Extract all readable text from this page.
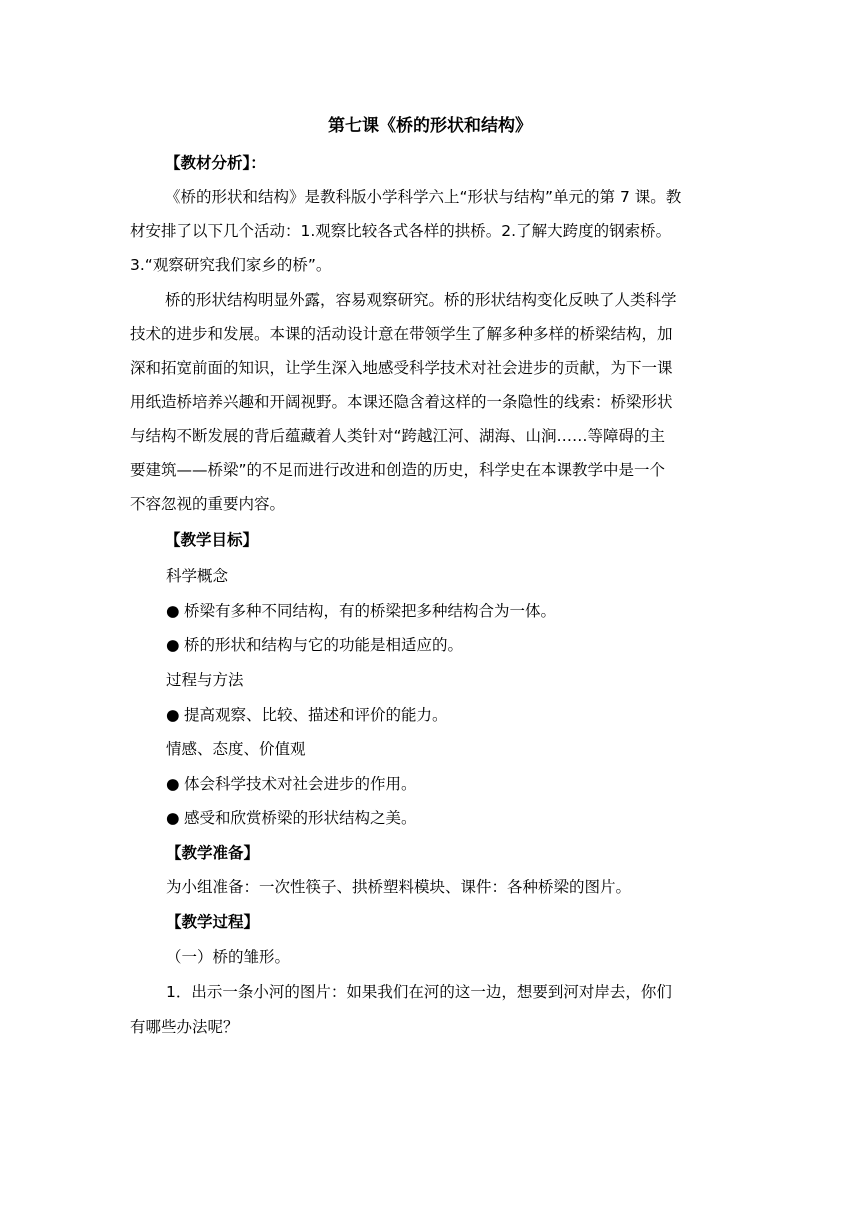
第七课《桥的形状和结构》
【教材分析】：
《桥的形状和结构》是教科版小学科学六上“形状与结构”单元的第 7 课。教
材安排了以下几个活动：1.观察比较各式各样的拱桥。2.了解大跨度的钢索桥。
3.“观察研究我们家乡的桥”。
桥的形状结构明显外露，容易观察研究。桥的形状结构变化反映了人类科学
技术的进步和发展。本课的活动设计意在带领学生了解多种多样的桥梁结构，加
深和拓宽前面的知识，让学生深入地感受科学技术对社会进步的贡献，为下一课
用纸造桥培养兴趣和开阔视野。本课还隐含着这样的一条隐性的线索：桥梁形状
与结构不断发展的背后蕴藏着人类针对“跨越江河、湖海、山涧……等障碍的主
要建筑——桥梁”的不足而进行改进和创造的历史，科学史在本课教学中是一个
不容忽视的重要内容。
【教学目标】
科学概念
● 桥梁有多种不同结构，有的桥梁把多种结构合为一体。
● 桥的形状和结构与它的功能是相适应的。
过程与方法
● 提高观察、比较、描述和评价的能力。
情感、态度、价值观
● 体会科学技术对社会进步的作用。
● 感受和欣赏桥梁的形状结构之美。
【教学准备】
为小组准备：一次性筷子、拱桥塑料模块、课件：各种桥梁的图片。
【教学过程】
（一）桥的雏形。
1．出示一条小河的图片：如果我们在河的这一边，想要到河对岸去，你们
有哪些办法呢？
